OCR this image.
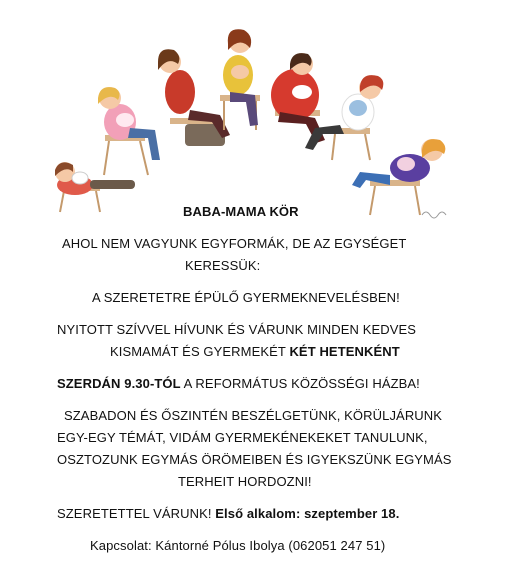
BABA-MAMA KÖR
AHOL NEM VAGYUNK EGYFORMÁK, DE AZ EGYSÉGET
KERESSÜK:
A SZERETETRE ÉPÜLŐ GYERMEKNEVELÉSBEN!
NYITOTT SZÍVVEL HÍVUNK ÉS VÁRUNK MINDEN KEDVES
KISMAMÁT ÉS GYERMEKÉT KÉT HETENKÉNT
SZERDÁN 9.30-TÓL A REFORMÁTUS KÖZÖSSÉGI HÁZBA!
SZABADON ÉS ŐSZINTÉN BESZÉLGETÜNK, KÖRÜLJÁRUNK
EGY-EGY TÉMÁT, VIDÁM GYERMEKÉNEKEKET TANULUNK,
OSZTOZUNK EGYMÁS ÖRÖMEIBEN ÉS IGYEKSZÜNK EGYMÁS
TERHEIT HORDOZNI!
SZERETETTEL VÁRUNK! Első alkalom: szeptember 18.
Kapcsolat: Kántorné Pólus Ibolya (062051 247 51)
